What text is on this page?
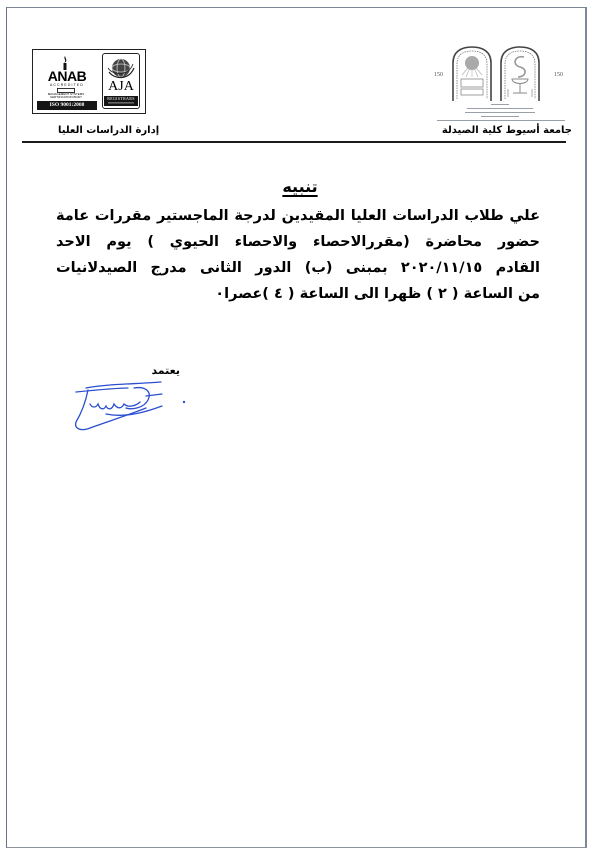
ANAB
ACCREDITED
MANAGEMENT SYSTEMS
CERTIFICATION BODY
ISO 9001:2008
AJA
REGISTRARS
150	150
جامعة أسيوط كلية الصيدلة
إدارة الدراسات العليا
تنبيه
علي طلاب الدراسات العليا المقيدين لدرجة الماجستير مقررات عامة
حضور محاضرة (مقررالاحصاء والاحصاء الحيوي ) يوم الاحد
القادم ٢٠٢٠/١١/١٥ بمبنى (ب) الدور الثانى مدرج الصيدلانيات
من الساعة ( ٢ ) ظهرا الى الساعة ( ٤ )عصرا٠
يعتمد
